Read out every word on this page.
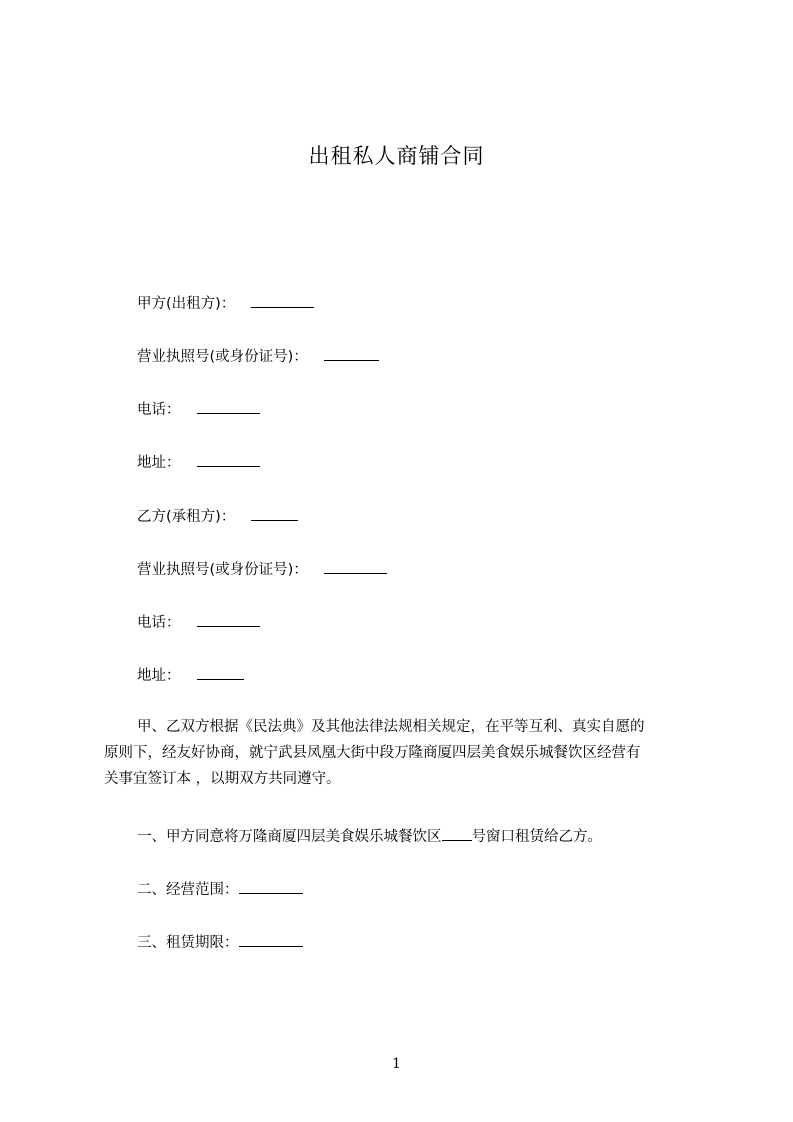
出租私人商铺合同
甲方(出租方)：
营业执照号(或身份证号)：
电话：
地址：
乙方(承租方)：
营业执照号(或身份证号)：
电话：
地址：
甲、乙双方根据《民法典》及其他法律法规相关规定，在平等互利、真实自愿的
原则下，经友好协商，就宁武县凤凰大街中段万隆商厦四层美食娱乐城餐饮区经营有
关事宜签订本 ，以期双方共同遵守。
一、甲方同意将万隆商厦四层美食娱乐城餐饮区 号窗口租赁给乙方。
二、经营范围：
三、租赁期限：
1
